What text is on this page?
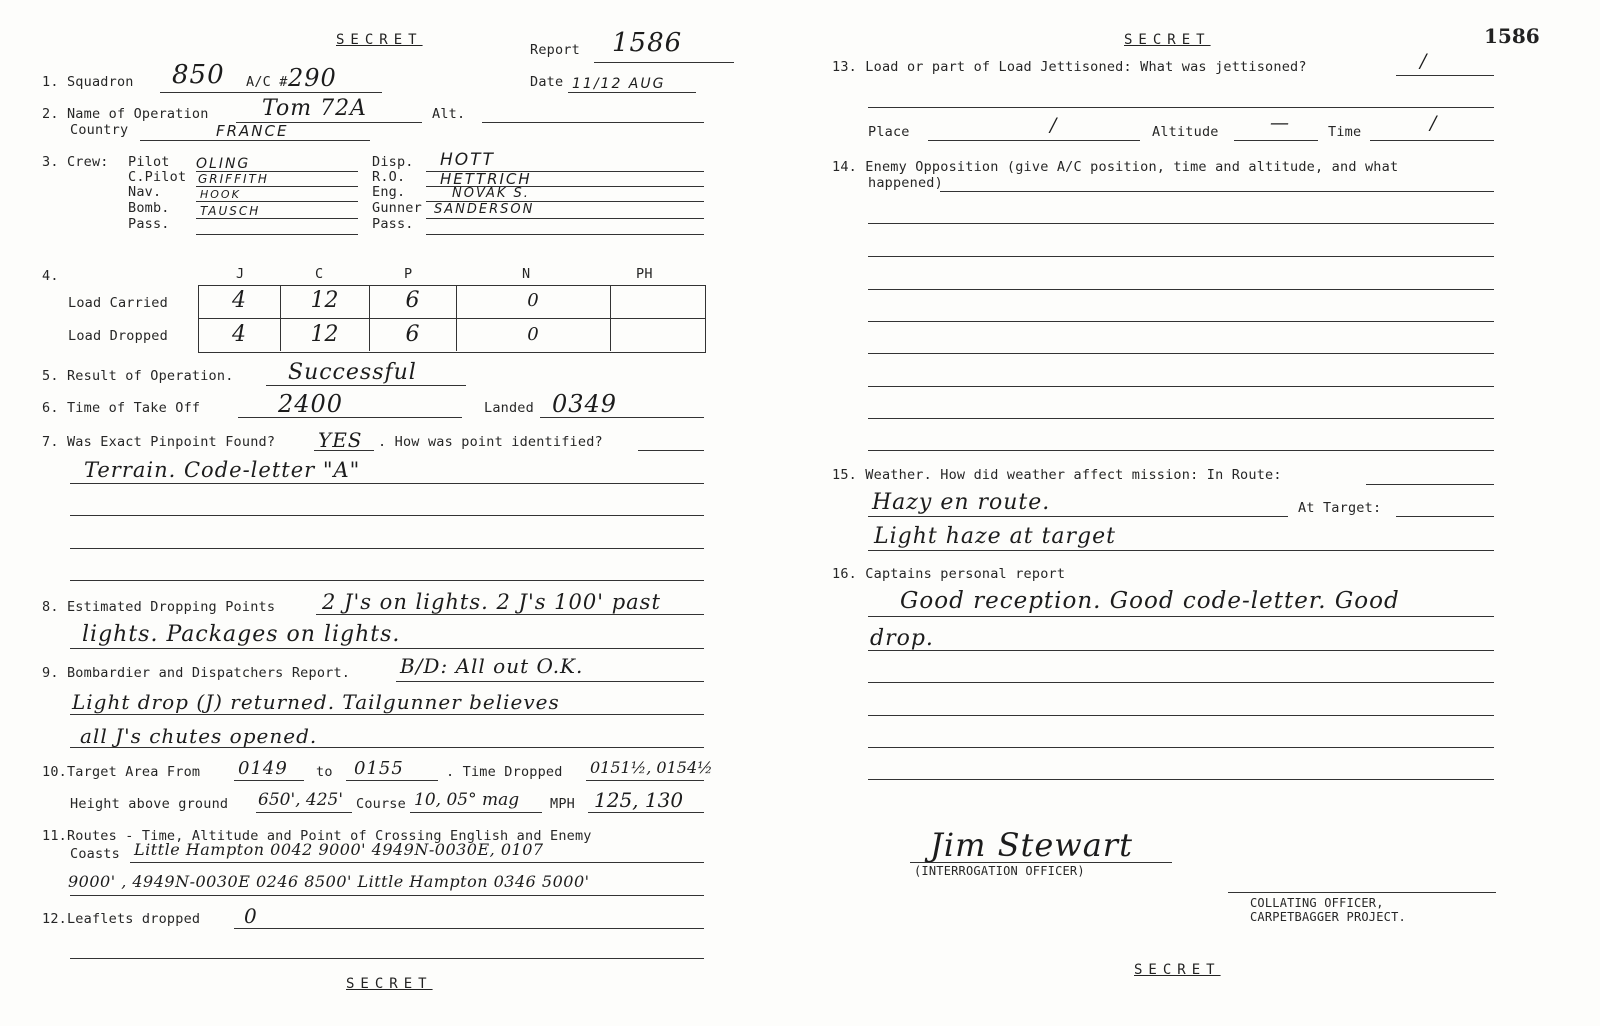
SECRET
Report 1586
1. Squadron 850 A/C # 290	Date 11/12 AUG
2. Name of Operation Tom 72A	Alt.
Country	FRANCE
3. Crew: Pilot OLING
C.Pilot GRIFFITH
Nav.	HOOK
Bomb.	TAUSCH
Pass.
Disp. HOTT
R.O. HETTRICH
Eng.	NOVAK S.
Gunner SANDERSON
Pass.
4.	J	C	P	N	PH
Load Carried	4	12	6	0
Load Dropped	4	12	6	0
5. Result of Operation. Successful
6. Time of Take Off	2400	Landed 0349
7. Was Exact Pinpoint Found? YES . How was point identified?
Terrain. Code-letter "A"
8. Estimated Dropping Points 2 J's on lights. 2 J's 100' past
lights. Packages on lights.
9. Bombardier and Dispatchers Report. B/D: All out O.K.
Light drop (J) returned. Tailgunner believes
all J's chutes opened.
10.Target Area From 0149 to 0155	. Time Dropped 0151½, 0154½
Height above ground 650', 425' Course 10, 05° mag MPH 125, 130
11.Routes - Time, Altitude and Point of Crossing English and Enemy
Coasts Little Hampton 0042 9000' 4949N-0030E, 0107
9000' , 4949N-0030E 0246 8500' Little Hampton 0346 5000'
12.Leaflets dropped 0
SECRET
SECRET	1586
13. Load or part of Load Jettisoned: What was jettisoned?	/
Place	/	Altitude	—	Time	/
14. Enemy Opposition (give A/C position, time and altitude, and what
happened)
15. Weather. How did weather affect mission: In Route:
Hazy en route.	At Target:
Light haze at target
16. Captains personal report
Good reception. Good code-letter. Good
drop.
Jim Stewart
(INTERROGATION OFFICER)
COLLATING OFFICER,
CARPETBAGGER PROJECT.
SECRET
